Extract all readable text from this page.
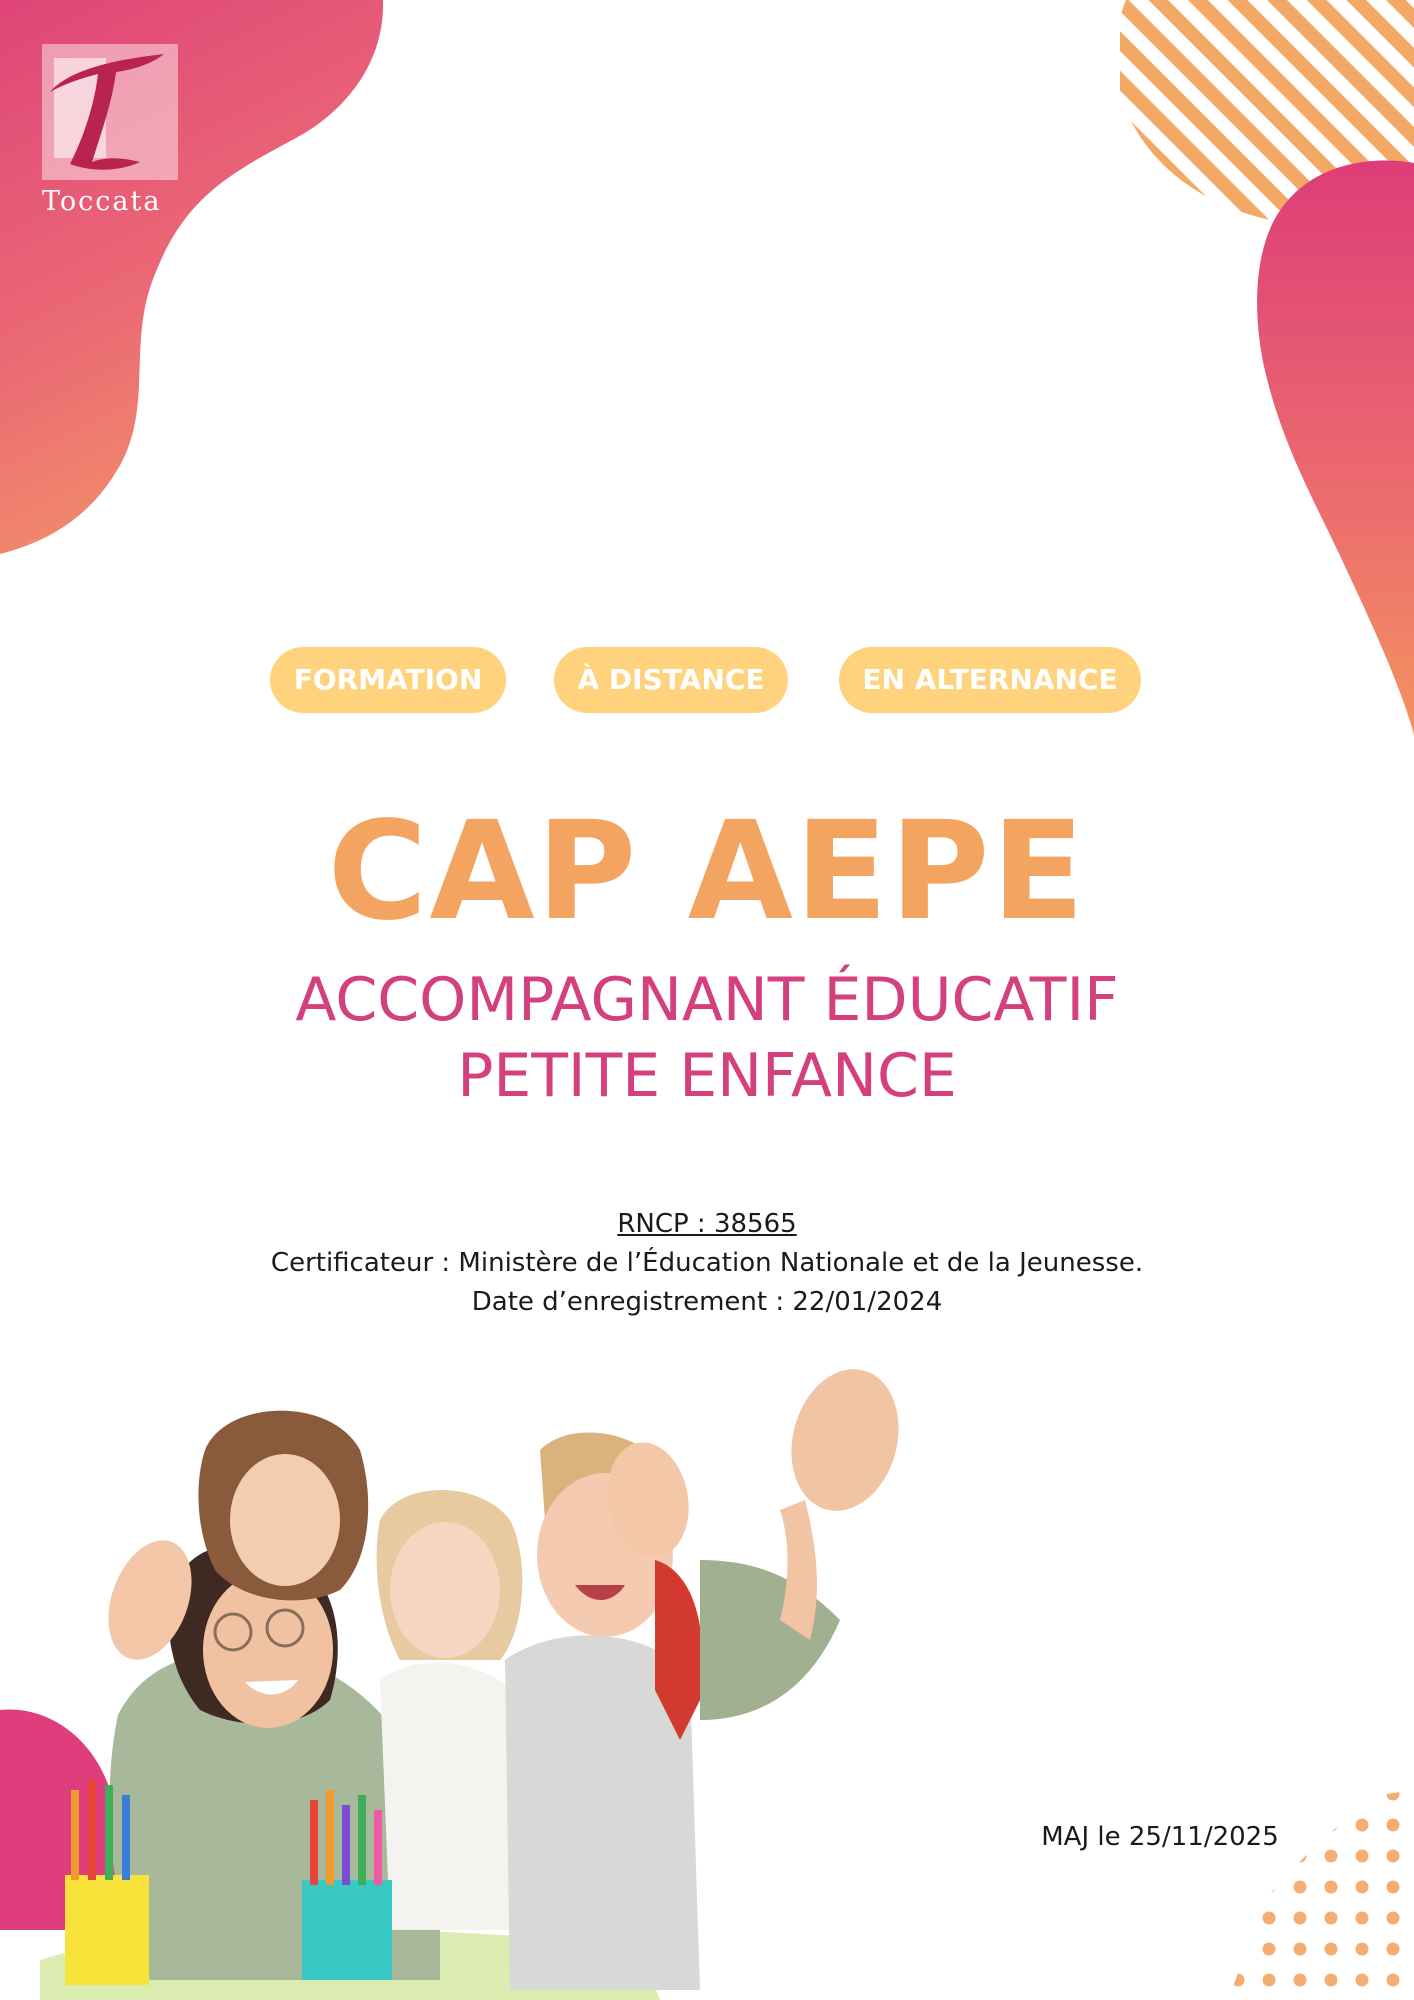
Toccata
FORMATION	À DISTANCE	EN ALTERNANCE
CAP AEPE
ACCOMPAGNANT ÉDUCATIF
PETITE ENFANCE
RNCP : 38565
Certificateur : Ministère de l’Éducation Nationale et de la Jeunesse.
Date d’enregistrement : 22/01/2024
MAJ le 25/11/2025
